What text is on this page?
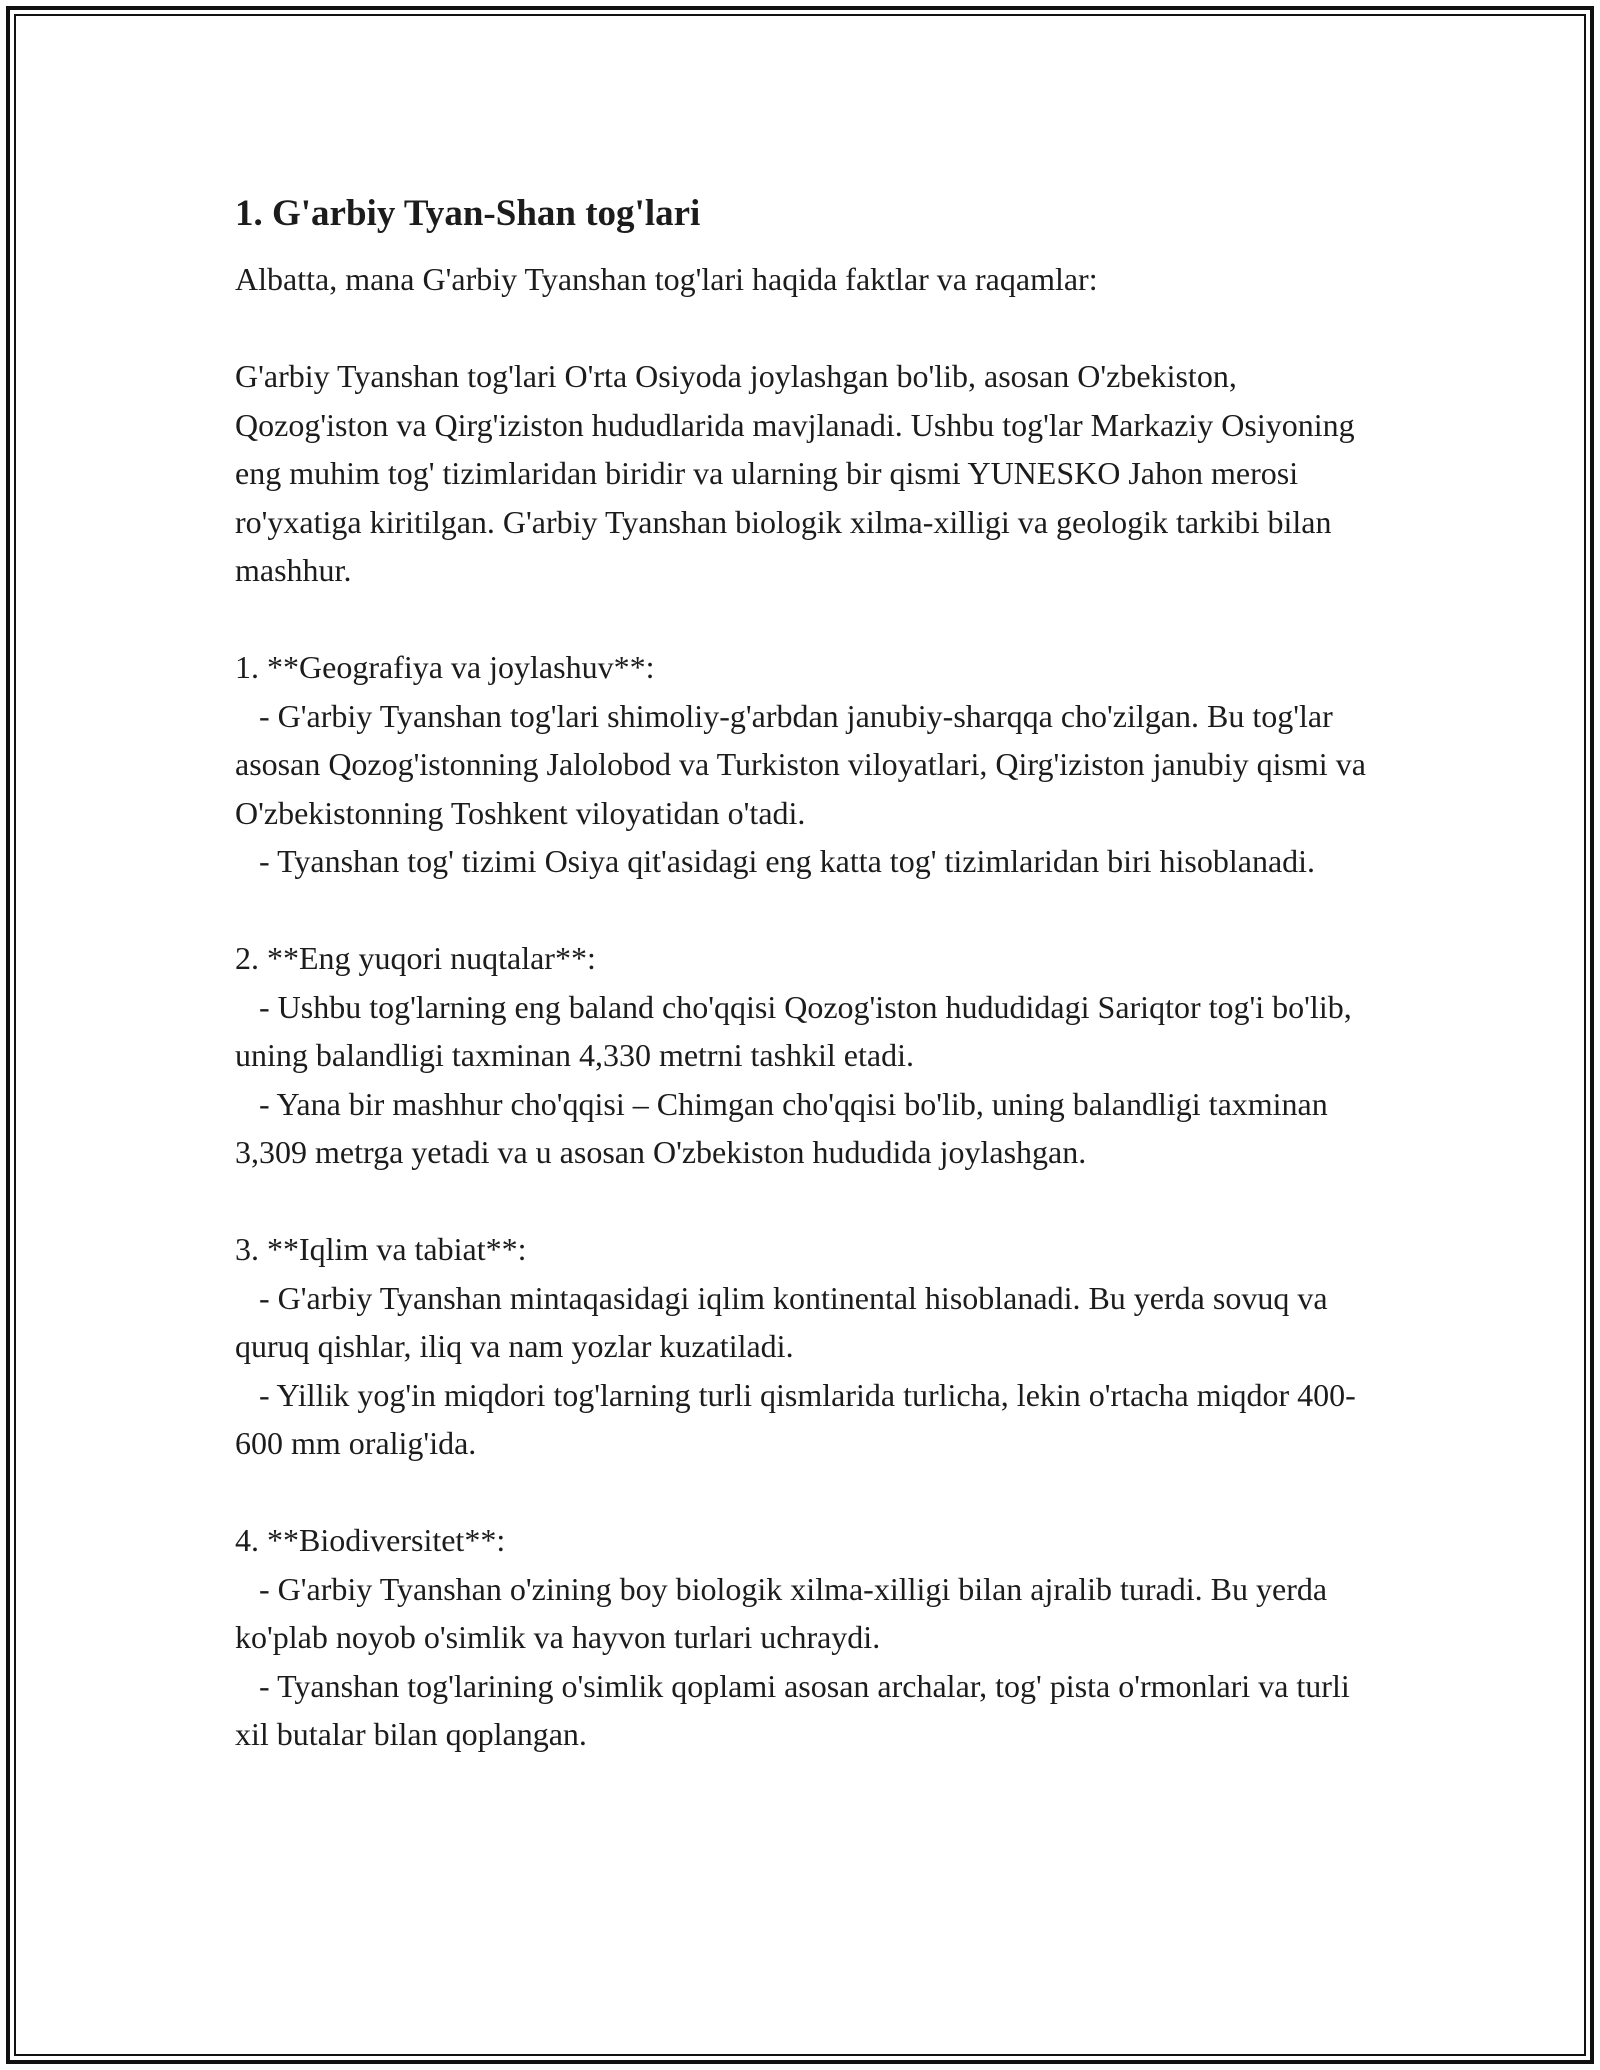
1. G'arbiy Tyan-Shan tog'lari

Albatta, mana G'arbiy Tyanshan tog'lari haqida faktlar va raqamlar:

G'arbiy Tyanshan tog'lari O'rta Osiyoda joylashgan bo'lib, asosan O'zbekiston, Qozog'iston va Qirg'iziston hududlarida mavjlanadi. Ushbu tog'lar Markaziy Osiyoning eng muhim tog' tizimlaridan biridir va ularning bir qismi YUNESKO Jahon merosi ro'yxatiga kiritilgan. G'arbiy Tyanshan biologik xilma-xilligi va geologik tarkibi bilan mashhur.

1. **Geografiya va joylashuv**:

- G'arbiy Tyanshan tog'lari shimoliy-g'arbdan janubiy-sharqqa cho'zilgan. Bu tog'lar asosan Qozog'istonning Jalolobod va Turkiston viloyatlari, Qirg'iziston janubiy qismi va O'zbekistonning Toshkent viloyatidan o'tadi.

- Tyanshan tog' tizimi Osiya qit'asidagi eng katta tog' tizimlaridan biri hisoblanadi.

2. **Eng yuqori nuqtalar**:

- Ushbu tog'larning eng baland cho'qqisi Qozog'iston hududidagi Sariqtor tog'i bo'lib, uning balandligi taxminan 4,330 metrni tashkil etadi.

- Yana bir mashhur cho'qqisi – Chimgan cho'qqisi bo'lib, uning balandligi taxminan 3,309 metrga yetadi va u asosan O'zbekiston hududida joylashgan.

3. **Iqlim va tabiat**:

- G'arbiy Tyanshan mintaqasidagi iqlim kontinental hisoblanadi. Bu yerda sovuq va quruq qishlar, iliq va nam yozlar kuzatiladi.

- Yillik yog'in miqdori tog'larning turli qismlarida turlicha, lekin o'rtacha miqdor 400-600 mm oralig'ida.

4. **Biodiversitet**:

- G'arbiy Tyanshan o'zining boy biologik xilma-xilligi bilan ajralib turadi. Bu yerda ko'plab noyob o'simlik va hayvon turlari uchraydi.

- Tyanshan tog'larining o'simlik qoplami asosan archalar, tog' pista o'rmonlari va turli xil butalar bilan qoplangan.
